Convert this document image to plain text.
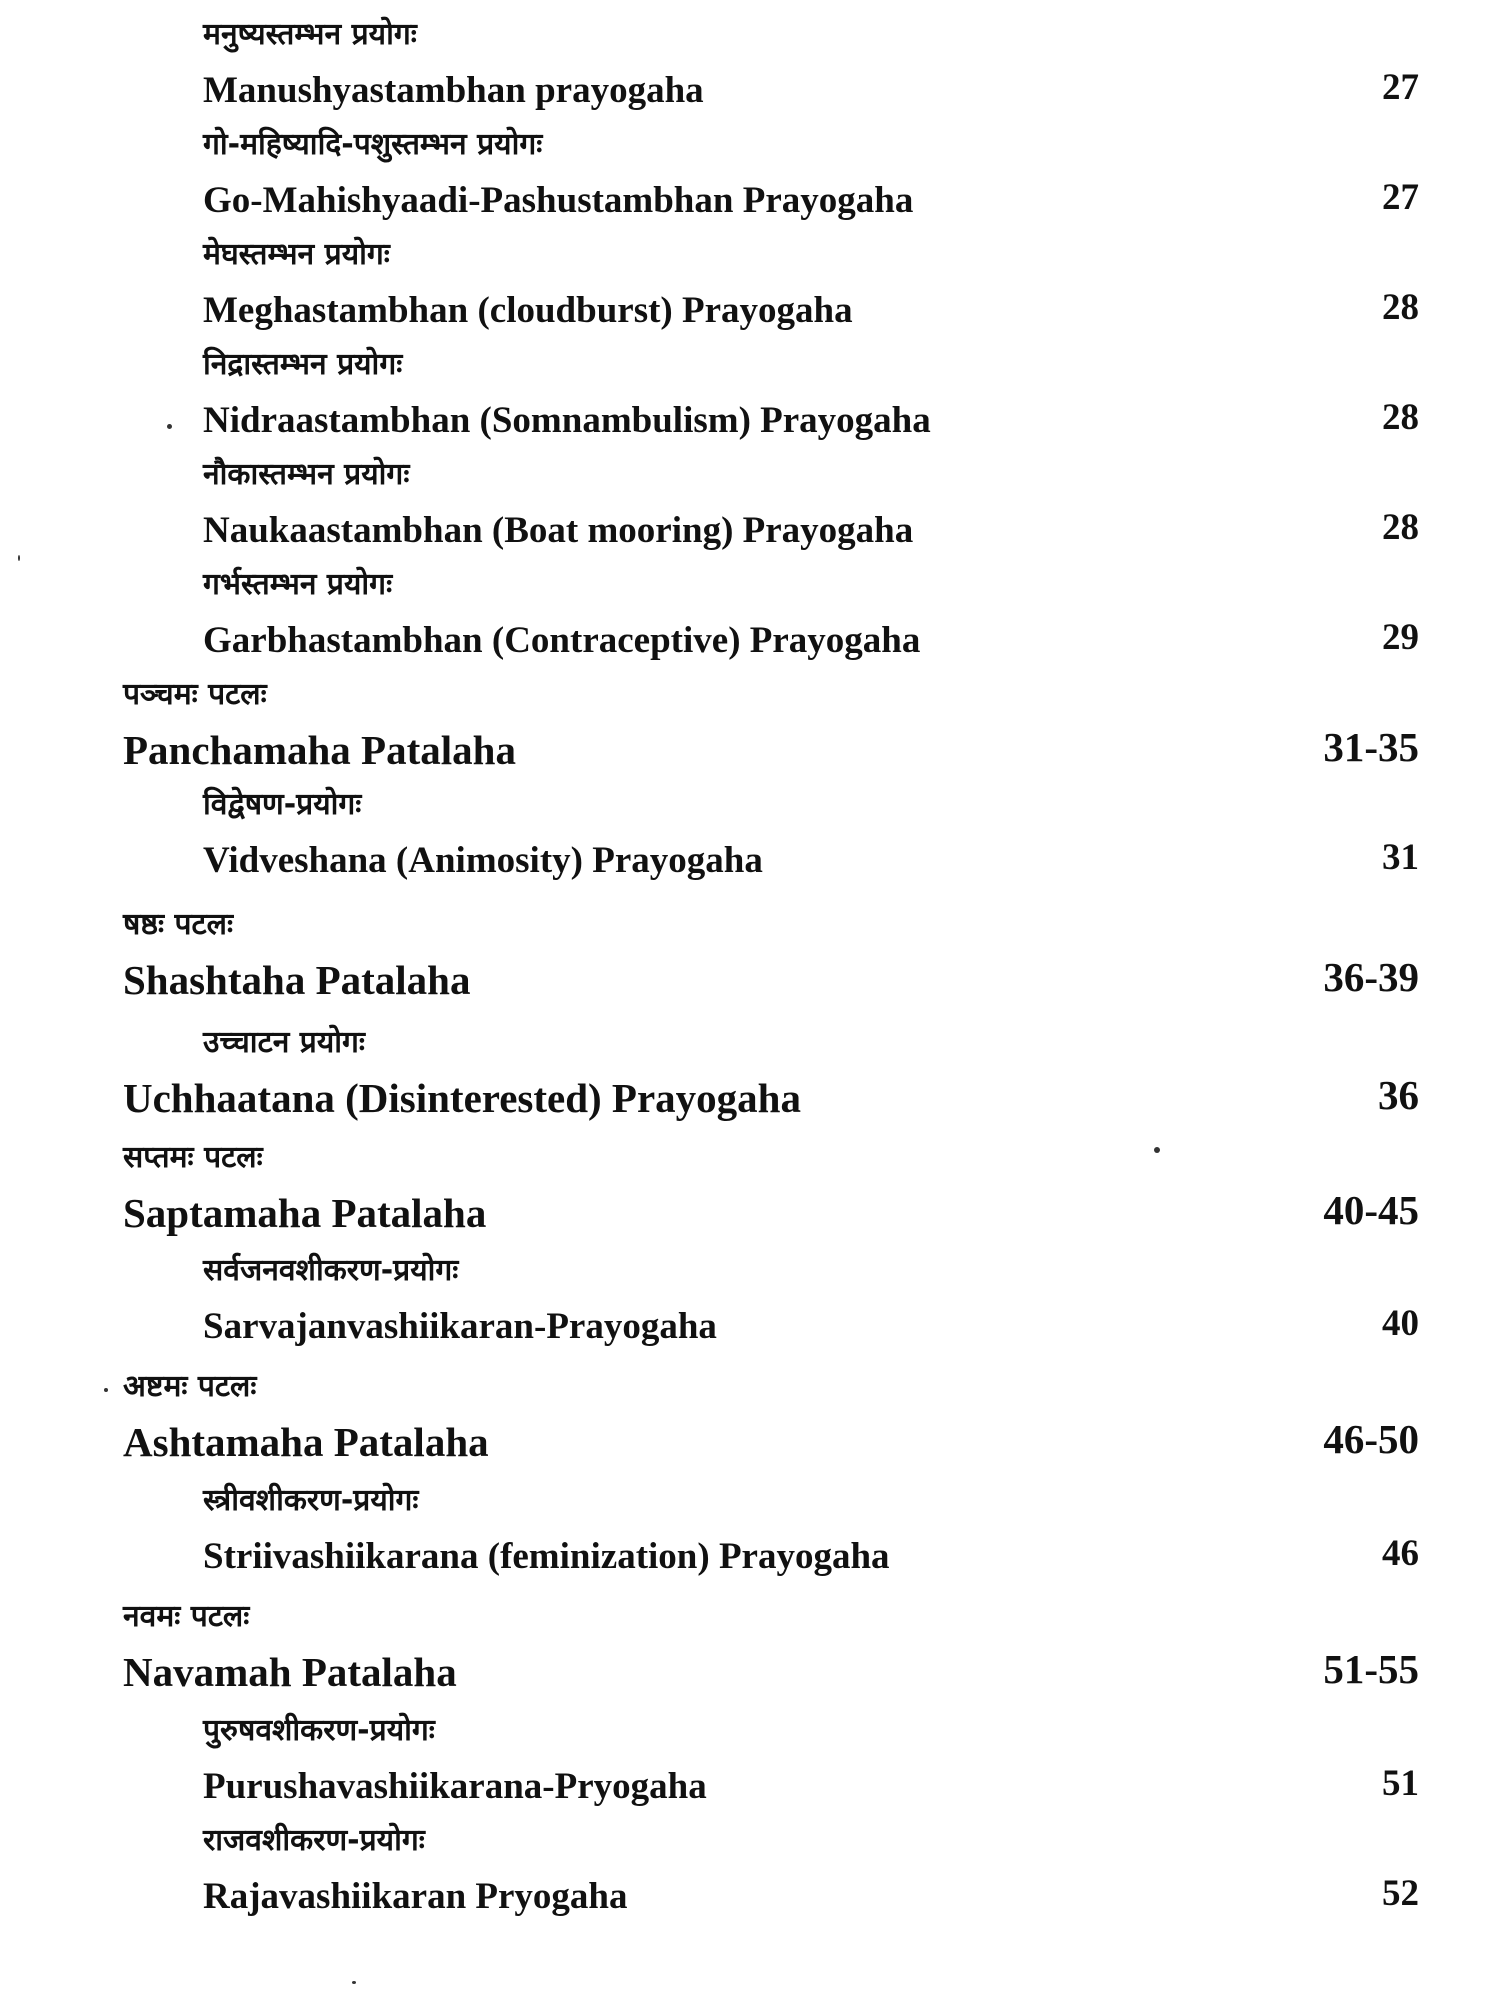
मनुष्यस्तम्भन प्रयोगः
Manushyastambhan prayogaha	27
गो-महिष्यादि-पशुस्तम्भन प्रयोगः
Go-Mahishyaadi-Pashustambhan Prayogaha	27
मेघस्तम्भन प्रयोगः
Meghastambhan (cloudburst) Prayogaha	28
निद्रास्तम्भन प्रयोगः
Nidraastambhan (Somnambulism) Prayogaha	28
नौकास्तम्भन प्रयोगः
Naukaastambhan (Boat mooring) Prayogaha	28
गर्भस्तम्भन प्रयोगः
Garbhastambhan (Contraceptive) Prayogaha	29
पञ्चमः पटलः
Panchamaha Patalaha	31-35
विद्वेषण-प्रयोगः
Vidveshana (Animosity) Prayogaha	31
षष्ठः पटलः
Shashtaha Patalaha	36-39
उच्चाटन प्रयोगः
Uchhaatana (Disinterested) Prayogaha	36
सप्तमः पटलः
Saptamaha Patalaha	40-45
सर्वजनवशीकरण-प्रयोगः
Sarvajanvashiikaran-Prayogaha	40
अष्टमः पटलः
Ashtamaha Patalaha	46-50
स्त्रीवशीकरण-प्रयोगः
Striivashiikarana (feminization) Prayogaha	46
नवमः पटलः
Navamah Patalaha	51-55
पुरुषवशीकरण-प्रयोगः
Purushavashiikarana-Pryogaha	51
राजवशीकरण-प्रयोगः
Rajavashiikaran Pryogaha	52
